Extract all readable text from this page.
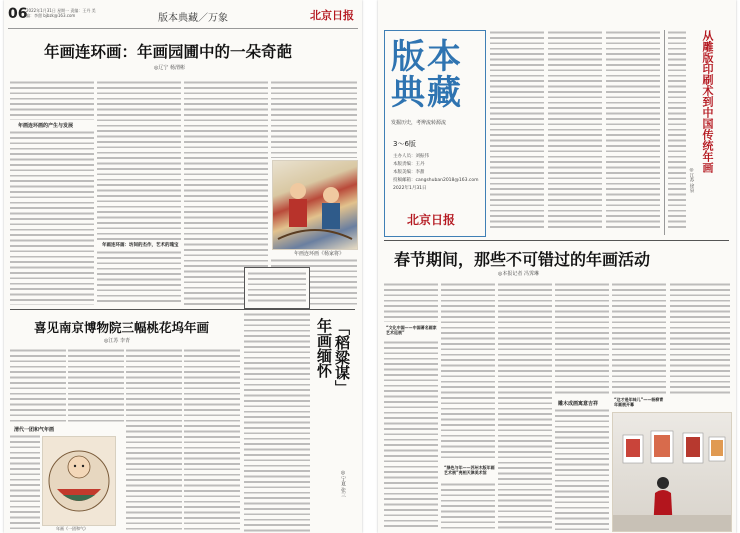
06
2022年1月31日 星期一 责编：王丹 美编：李甜 bjbzk@163.com	版本典藏／万象	北京日报
年画连环画：年画园圃中的一朵奇葩
◎辽宁 杨渭彬
年画连环画的产生与发展
年画连环画：坊间的杰作，艺术的瑰宝
年画连环画《杨家将》
喜见南京博物院三幅桃花坞年画
◎江苏 李青
清代一团和气年画
年画《一团和气》
年画缅怀 「稻粱谋」
◎宁夏 张三
版本典藏
发掘历史，考辨流转源流
3～6版
主办人员：刘振伟
本版责编：王丹
本版美编：李甜
投稿邮箱：cangshuban2018@163.com
2022年1月31日
北京日报
从雕版印刷术到中国传统年画
◎江苏 徐泉
春节期间，那些不可错过的年画活动
◎本报记者 冯霁琳
“文化中国——中国著名画家艺术巡展”
“绿色与年——苏州木版年画艺术展”亮相天津美术馆
雕木成画寓意吉祥
“这才是年味儿”——杨柳青年画展开幕
